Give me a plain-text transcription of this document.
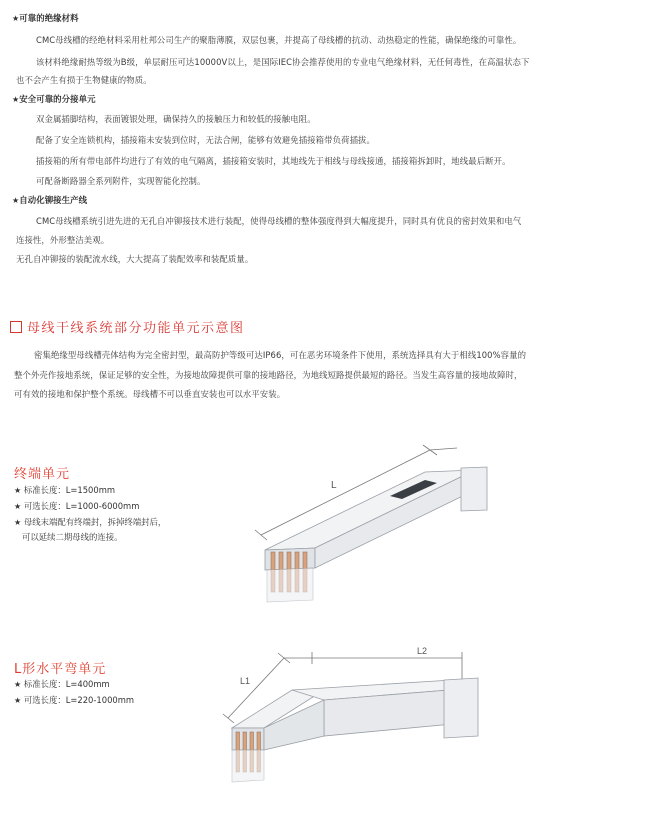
★可靠的绝缘材料
CMC母线槽的经绝材料采用杜邦公司生产的聚脂薄膜，双层包裹，并提高了母线槽的抗动、动热稳定的性能，确保绝缘的可靠性。
该材料绝缘耐热等级为B级，单层耐压可达10000V以上，是国际IEC协会推荐使用的专业电气绝缘材料，无任何毒性，在高温状态下
也不会产生有损于生物健康的物质。
★安全可靠的分接单元
双金属插脚结构，表面镀银处理，确保持久的接触压力和较低的接触电阻。
配备了安全连锁机构，插接箱未安装到位时，无法合闸，能够有效避免插接箱带负荷插拔。
插接箱的所有带电部件均进行了有效的电气隔离，插接箱安装时，其地线先于相线与母线接通，插接箱拆卸时，地线最后断开。
可配备断路器全系列附件，实现智能化控制。
★自动化铆接生产线
CMC母线槽系统引进先进的无孔自冲铆接技术进行装配，使得母线槽的整体强度得到大幅度提升，同时具有优良的密封效果和电气
连接性，外形整洁美观。
无孔自冲铆接的装配流水线，大大提高了装配效率和装配质量。
母线干线系统部分功能单元示意图
密集绝缘型母线槽壳体结构为完全密封型，最高防护等级可达IP66，可在恶劣环境条件下使用，系统选择具有大于相线100%容量的
整个外壳作接地系统，保证足够的安全性，为接地故障提供可靠的接地路径，为地线短路提供最短的路径。当发生高容量的接地故障时，
可有效的接地和保护整个系统。母线槽不可以垂直安装也可以水平安装。
终端单元
★ 标准长度：L=1500mm
★ 可选长度：L=1000-6000mm
★ 母线末端配有终端封，拆掉终端封后，
可以延续二期母线的连接。
L
L形水平弯单元
★ 标准长度：L=400mm
★ 可选长度：L=220-1000mm
L1
L2
